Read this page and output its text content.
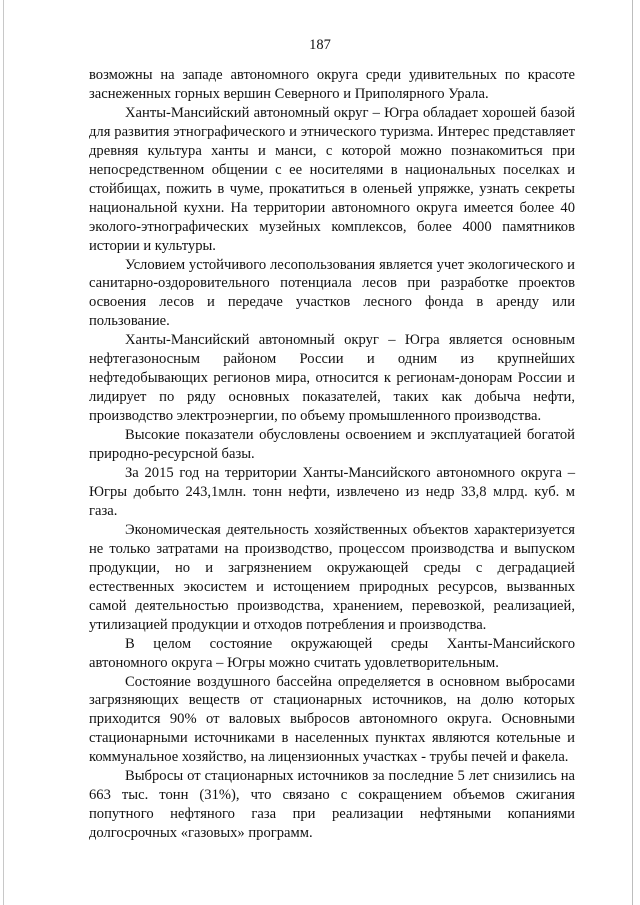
187

возможны на западе автономного округа среди удивительных по красоте заснеженных горных вершин Северного и Приполярного Урала.

Ханты-Мансийский автономный округ – Югра обладает хорошей базой для развития этнографического и этнического туризма. Интерес представляет древняя культура ханты и манси, с которой можно познакомиться при непосредственном общении с ее носителями в национальных поселках и стойбищах, пожить в чуме, прокатиться в оленьей упряжке, узнать секреты национальной кухни. На территории автономного округа имеется более 40 эколого-этнографических музейных комплексов, более 4000 памятников истории и культуры.

Условием устойчивого лесопользования является учет экологического и санитарно-оздоровительного потенциала лесов при разработке проектов освоения лесов и передаче участков лесного фонда в аренду или пользование.

Ханты-Мансийский автономный округ – Югра является основным нефтегазоносным районом России и одним из крупнейших нефтедобывающих регионов мира, относится к регионам-донорам России и лидирует по ряду основных показателей, таких как добыча нефти, производство электроэнергии, по объему промышленного производства.

Высокие показатели обусловлены освоением и эксплуатацией богатой природно-ресурсной базы.

За 2015 год на территории Ханты-Мансийского автономного округа – Югры добыто 243,1млн. тонн нефти, извлечено из недр 33,8 млрд. куб. м газа.

Экономическая деятельность хозяйственных объектов характеризуется не только затратами на производство, процессом производства и выпуском продукции, но и загрязнением окружающей среды с деградацией естественных экосистем и истощением природных ресурсов, вызванных самой деятельностью производства, хранением, перевозкой, реализацией, утилизацией продукции и отходов потребления и производства.

В целом состояние окружающей среды Ханты-Мансийского автономного округа – Югры можно считать удовлетворительным.

Состояние воздушного бассейна определяется в основном выбросами загрязняющих веществ от стационарных источников, на долю которых приходится 90% от валовых выбросов автономного округа. Основными стационарными источниками в населенных пунктах являются котельные и коммунальное хозяйство, на лицензионных участках - трубы печей и факела.

Выбросы от стационарных источников за последние 5 лет снизились на 663 тыс. тонн (31%), что связано с сокращением объемов сжигания попутного нефтяного газа при реализации нефтяными копаниями долгосрочных «газовых» программ.
